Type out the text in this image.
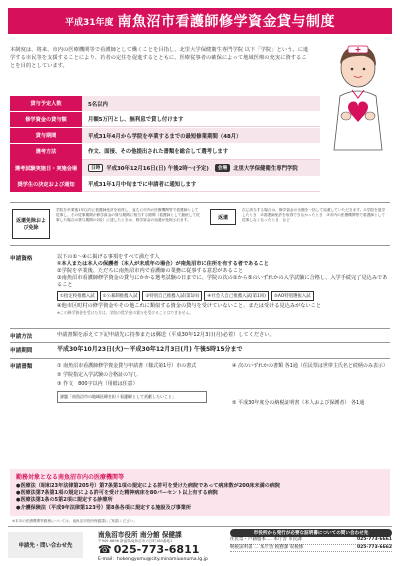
平成31年度 南魚沼市看護師修学資金貸与制度
本制度は、将来、市内の医療機関等で看護師として働くことを目指し、北里大学保健衛生専門学院 以下「学院」という。に進学する市民等を支援することにより、若者の定住を促進するとともに、医療従事者の確保によって地域医療の充実に資することを目的としています。
貸与予定人数	5名以内
修学資金の貸与額	月額5万円とし、無利息で貸し付けます
貸与期間	平成31年4月から学院を卒業するまでの最短修業期間（48月）
選考方法	作文、面接、その他提出された書類を総合して選考します
選考試験実施日・実施会場	日時	平成30年12月16日(日) 午後2時～(予定)	会場	北里大学保健衛生専門学院
奨学生の決定および通知	平成31年1月中旬までに申請者に通知します
返還免除および免除
学院を卒業後1年以内に看護師免許を取得し、直ちに市内の医療機関等で看護師として従事し、その従事期間が修学資金の貸与期間に相当する期間（看護師として継続して従事した場合は貸与期間の2倍）に達したときは、修学資金の返還が免除されます。	返還
次に該当する場合は、修学資金の全額を一括して返還していただきます。①学院を退学したとき　②看護師免許を取得できなかったとき　③市内の医療機関等で看護師として従事しなくなったとき　など
申請資格	以下の①～④に掲げる事項をすべて満たす人
①本人または本人の保護者（本人が未成年の場合）が南魚沼市に住所を有する者であること
②学院を卒業後、ただちに南魚沼市内で看護師の業務に従事する意思があること
③南魚沼市看護師修学資金の貸与にかかる選考試験の日までに、学院の次の①から⑤のいずれかの入学試験に合格し、入学手続完了見込みであること
①指定校推薦入試	②公募制推薦入試	③特別自己推薦入試(第1回)	④社会人自己推薦入試(第1回)	⑤AO特別選抜入試
④他市区町村の修学資金やその他これに類似する資金の貸与を受けていないこと、または受ける見込みがないこと
※この修学資金を受けた方は、学院の奨学金の貸与を受けることはできません。
申請方法	申請書類を添えて下記申請先に持参または郵送（平成30年12月3日(月)必着）してください。
申請期間	平成30年10月23日(火)～平成30年12月3日(月) 午後5時15分まで
申請書類	① 南魚沼市看護師修学資金貸与申請書（様式第1号）市の書式
② 学院指定入学試験の合格証の写し
③ 作文　800字以内（用紙は任意）
課題「南魚沼市の地域医療を担う看護師として貢献したいこと」
④ 次のいずれかの書類 各1通（住民票は世帯主氏名と続柄のみ表示）
⑤ 平成30年度分の納税証明書（本人および保護者） 各1通
勤務対象となる南魚沼市内の医療機関等
●医療法（昭和23年法律第205号）第7条第1項の規定による許可を受けた病院であって病床数が200床未満の病院
●医療法第7条第1項の規定による許可を受けた精神病床を80パーセント以上有する病院
●医療法第1条の5第2項に規定する診療所
●介護保険法（平成9年法律第123号）第8条各項に規定する施設及び事業所
※本市の医療機関等勤務については、南魚沼市役所保健課にご相談ください。
申請先・問い合わせ先
南魚沼市役所 南分館 保健課
〒949-6696 新潟県南魚沼市六日町180番地1
☎ 025-773-6811
E-mail：hokengyomu@city.minamiuonuma.lg.jp
市役所から発行が必要な証明書についての問い合わせ先
住民票・戸籍謄本 … 本庁舎 市民課	025-773-6661
納税証明書 … 本庁舎 税務課 収税係	025-773-6662
